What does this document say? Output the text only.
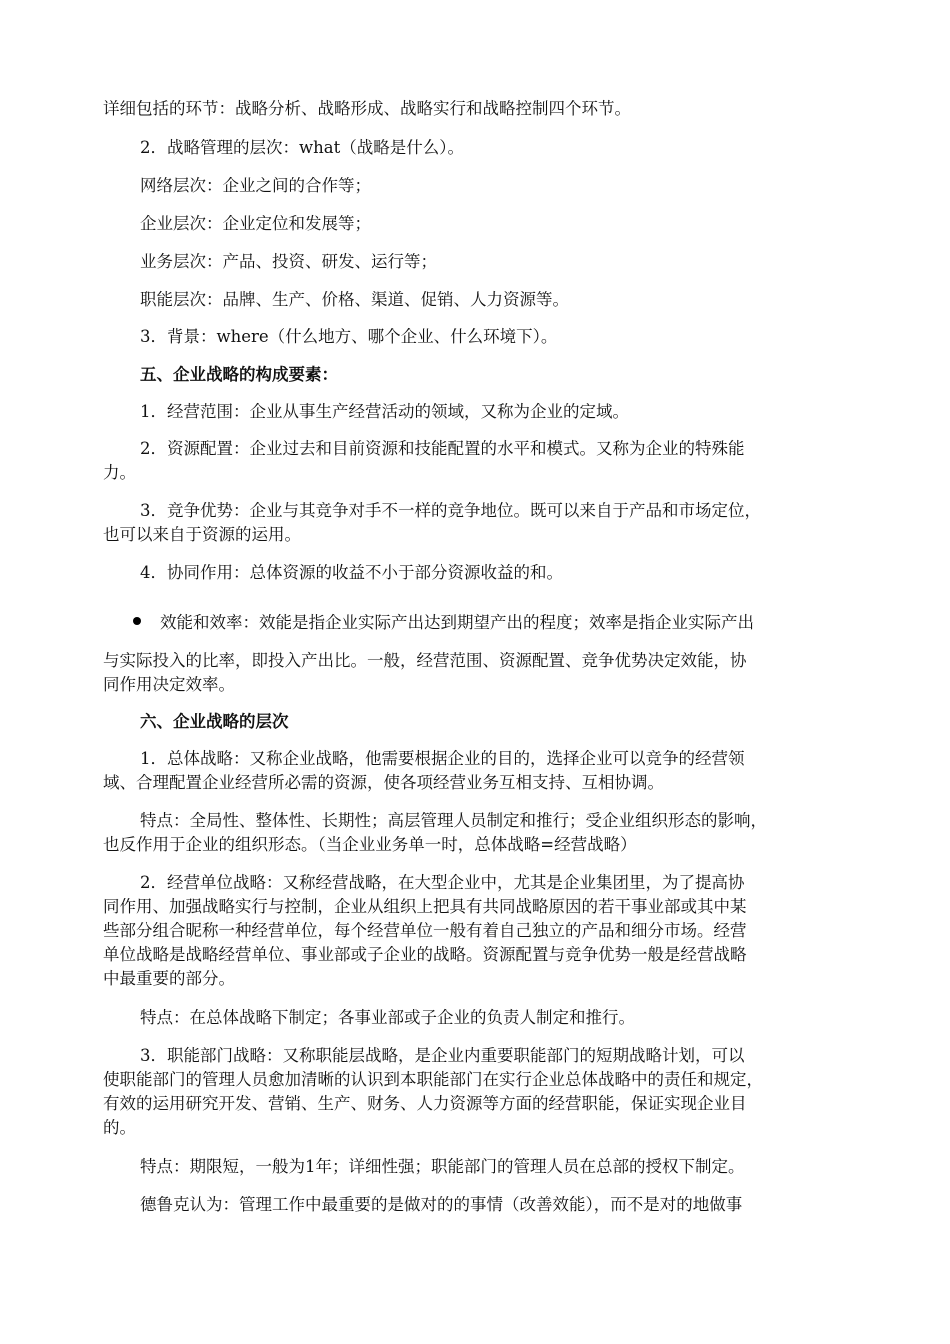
详细包括的环节：战略分析、战略形成、战略实行和战略控制四个环节。

2．战略管理的层次：what（战略是什么）。

网络层次：企业之间的合作等；

企业层次：企业定位和发展等；

业务层次：产品、投资、研发、运行等；

职能层次：品牌、生产、价格、渠道、促销、人力资源等。

3．背景：where（什么地方、哪个企业、什么环境下）。

五、企业战略的构成要素：

1．经营范围：企业从事生产经营活动的领域，又称为企业的定域。

2．资源配置：企业过去和目前资源和技能配置的水平和模式。又称为企业的特殊能

力。

3．竞争优势：企业与其竞争对手不一样的竞争地位。既可以来自于产品和市场定位，

也可以来自于资源的运用。

4．协同作用：总体资源的收益不小于部分资源收益的和。

效能和效率：效能是指企业实际产出达到期望产出的程度；效率是指企业实际产出

与实际投入的比率，即投入产出比。一般，经营范围、资源配置、竞争优势决定效能，协

同作用决定效率。

六、企业战略的层次

1．总体战略：又称企业战略，他需要根据企业的目的，选择企业可以竞争的经营领

域、合理配置企业经营所必需的资源，使各项经营业务互相支持、互相协调。

特点：全局性、整体性、长期性；高层管理人员制定和推行；受企业组织形态的影响，

也反作用于企业的组织形态。（当企业业务单一时，总体战略=经营战略）

2．经营单位战略：又称经营战略，在大型企业中，尤其是企业集团里，为了提高协

同作用、加强战略实行与控制，企业从组织上把具有共同战略原因的若干事业部或其中某

些部分组合昵称一种经营单位，每个经营单位一般有着自己独立的产品和细分市场。经营

单位战略是战略经营单位、事业部或子企业的战略。资源配置与竞争优势一般是经营战略

中最重要的部分。

特点：在总体战略下制定；各事业部或子企业的负责人制定和推行。

3．职能部门战略：又称职能层战略，是企业内重要职能部门的短期战略计划，可以

使职能部门的管理人员愈加清晰的认识到本职能部门在实行企业总体战略中的责任和规定，

有效的运用研究开发、营销、生产、财务、人力资源等方面的经营职能，保证实现企业目

的。

特点：期限短，一般为1年；详细性强；职能部门的管理人员在总部的授权下制定。

德鲁克认为：管理工作中最重要的是做对的的事情（改善效能），而不是对的地做事
